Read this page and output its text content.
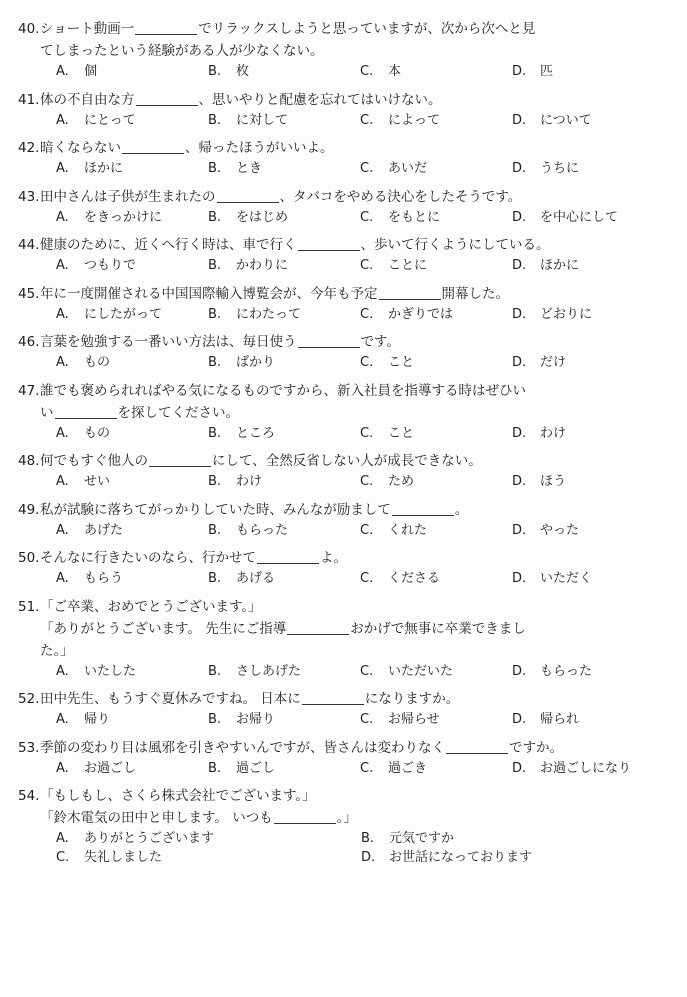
40.ショート動画一	でリラックスしようと思っていますが、次から次へと見
てしまったという経験がある人が少なくない。
A. 個	B. 枚	C. 本	D. 匹
41.体の不自由な方	、思いやりと配慮を忘れてはいけない。
A. にとって	B. に対して	C. によって	D. について
42.暗くならない	、帰ったほうがいいよ。
A. ほかに	B. とき	C. あいだ	D. うちに
43.田中さんは子供が生まれたの	、タバコをやめる決心をしたそうです。
A. をきっかけに	B. をはじめ	C. をもとに	D. を中心にして
44.健康のために、近くへ行く時は、車で行く	、歩いて行くようにしている。
A. つもりで	B. かわりに	C. ことに	D. ほかに
45.年に一度開催される中国国際輸入博覧会が、今年も予定	開幕した。
A. にしたがって	B. にわたって	C. かぎりでは	D. どおりに
46.言葉を勉強する一番いい方法は、毎日使う	です。
A. もの	B. ばかり	C. こと	D. だけ
47.誰でも褒められればやる気になるものですから、新入社員を指導する時はぜひい
い	を探してください。
A. もの	B. ところ	C. こと	D. わけ
48.何でもすぐ他人の	にして、全然反省しない人が成長できない。
A. せい	B. わけ	C. ため	D. ほう
49.私が試験に落ちてがっかりしていた時、みんなが励まして	。
A. あげた	B. もらった	C. くれた	D. やった
50.そんなに行きたいのなら、行かせて	よ。
A. もらう	B. あげる	C. くださる	D. いただく
51.「ご卒業、おめでとうございます。」
「ありがとうございます。 先生にご指導	おかげで無事に卒業できまし
た。」
A. いたした	B. さしあげた	C. いただいた	D. もらった
52.田中先生、もうすぐ夏休みですね。 日本に	になりますか。
A. 帰り	B. お帰り	C. お帰らせ	D. 帰られ
53.季節の変わり目は風邪を引きやすいんですが、皆さんは変わりなく	ですか。
A. お過ごし	B. 過ごし	C. 過ごき	D. お過ごしになり
54.「もしもし、さくら株式会社でございます。」
「鈴木電気の田中と申します。 いつも	。」
A. ありがとうございます	B. 元気ですか
C. 失礼しました	D. お世話になっております
